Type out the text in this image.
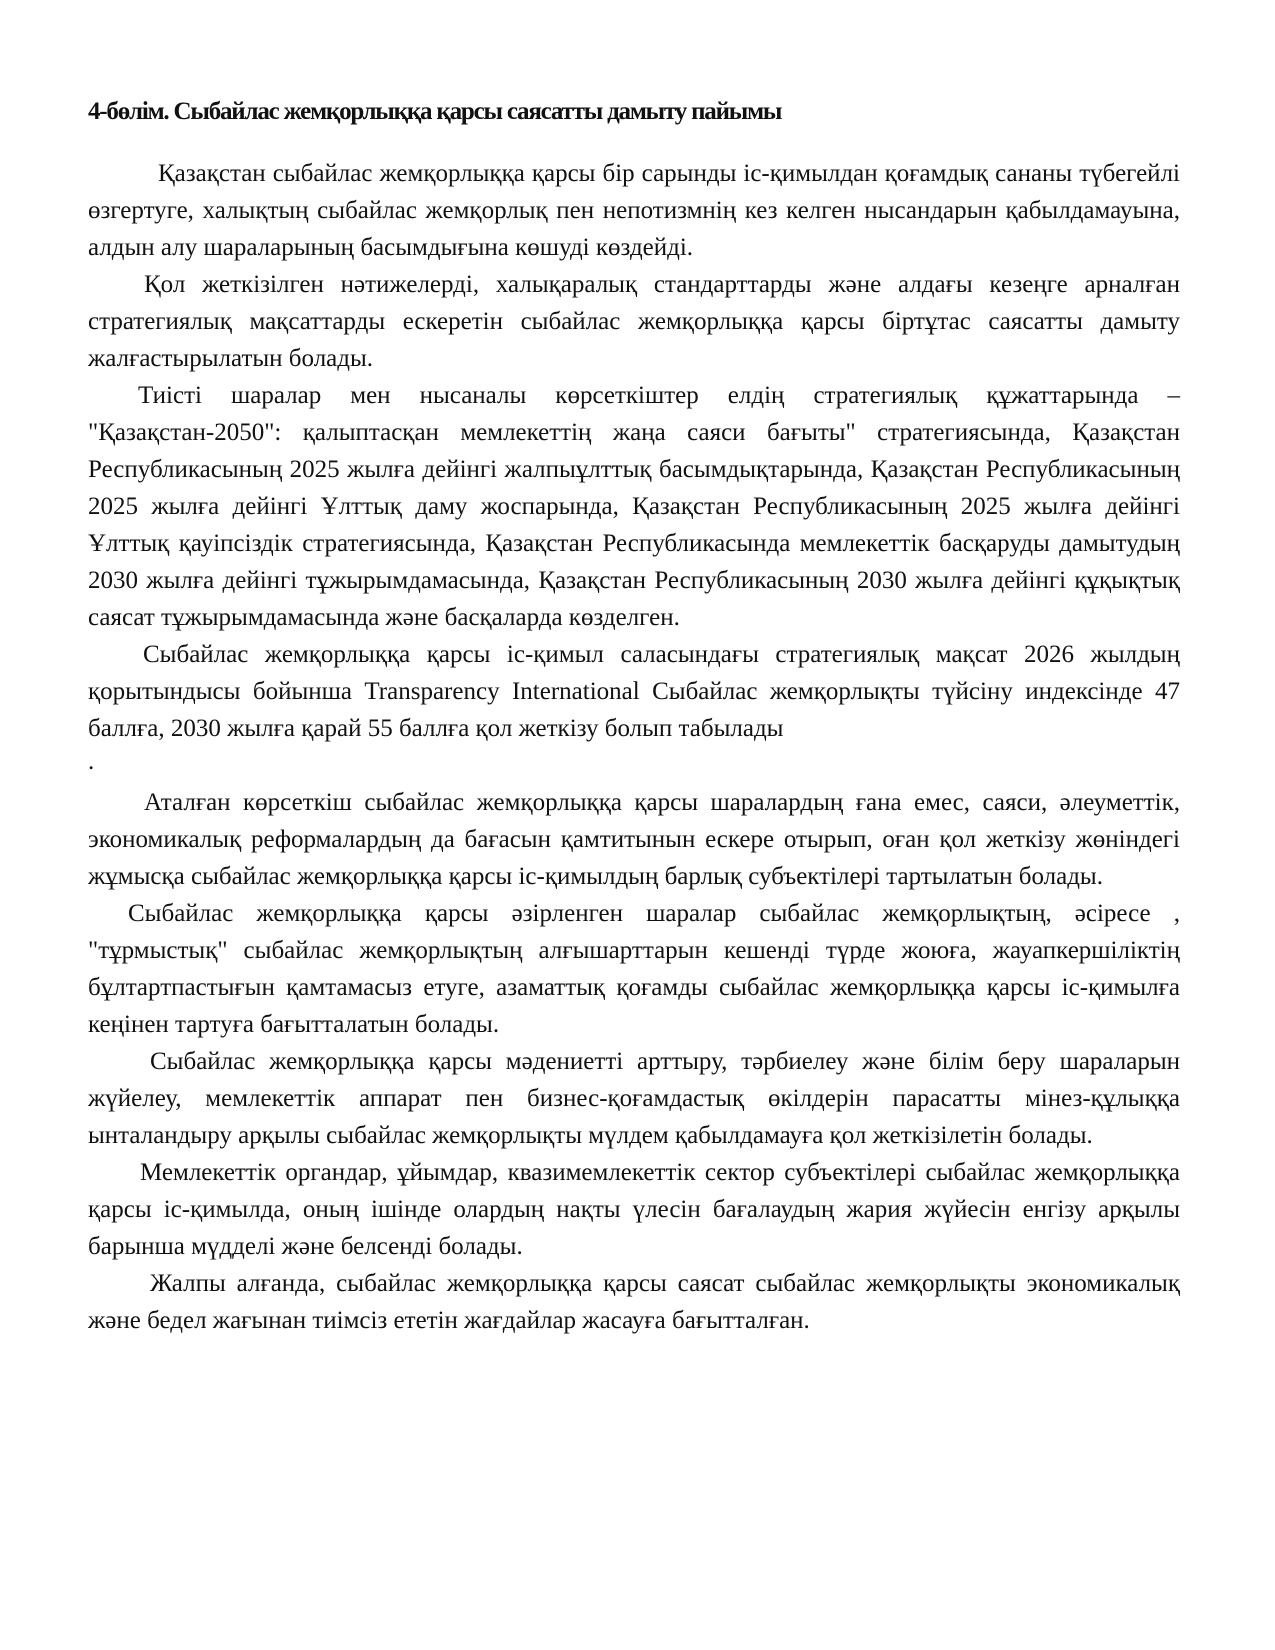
4-бөлім. Сыбайлас жемқорлыққа қарсы саясатты дамыту пайымы

Қазақстан сыбайлас жемқорлыққа қарсы бір сарынды іс-қимылдан қоғамдық сананы түбегейлі өзгертуге, халықтың сыбайлас жемқорлық пен непотизмнің кез келген нысандарын қабылдамауына, алдын алу шараларының басымдығына көшуді көздейді.

Қол жеткізілген нәтижелерді, халықаралық стандарттарды және алдағы кезеңге арналған стратегиялық мақсаттарды ескеретін сыбайлас жемқорлыққа қарсы біртұтас саясатты дамыту жалғастырылатын болады.

Тиісті шаралар мен нысаналы көрсеткіштер елдің стратегиялық құжаттарында – "Қазақстан-2050": қалыптасқан мемлекеттің жаңа саяси бағыты" стратегиясында, Қазақстан Республикасының 2025 жылға дейінгі жалпыұлттық басымдықтарында, Қазақстан Республикасының 2025 жылға дейінгі Ұлттық даму жоспарында, Қазақстан Республикасының 2025 жылға дейінгі Ұлттық қауіпсіздік стратегиясында, Қазақстан Республикасында мемлекеттік басқаруды дамытудың 2030 жылға дейінгі тұжырымдамасында, Қазақстан Республикасының 2030 жылға дейінгі құқықтық саясат тұжырымдамасында және басқаларда көзделген.

Сыбайлас жемқорлыққа қарсы іс-қимыл саласындағы стратегиялық мақсат 2026 жылдың қорытындысы бойынша Transparency International Сыбайлас жемқорлықты түйсіну индексінде 47 баллға, 2030 жылға қарай 55 баллға қол жеткізу болып табылады

.

Аталған көрсеткіш сыбайлас жемқорлыққа қарсы шаралардың ғана емес, саяси, әлеуметтік, экономикалық реформалардың да бағасын қамтитынын ескере отырып, оған қол жеткізу жөніндегі жұмысқа сыбайлас жемқорлыққа қарсы іс-қимылдың барлық субъектілері тартылатын болады.

Сыбайлас жемқорлыққа қарсы әзірленген шаралар сыбайлас жемқорлықтың, әсіресе , "тұрмыстық" сыбайлас жемқорлықтың алғышарттарын кешенді түрде жоюға, жауапкершіліктің бұлтартпастығын қамтамасыз етуге, азаматтық қоғамды сыбайлас жемқорлыққа қарсы іс-қимылға кеңінен тартуға бағытталатын болады.

Сыбайлас жемқорлыққа қарсы мәдениетті арттыру, тәрбиелеу және білім беру шараларын жүйелеу, мемлекеттік аппарат пен бизнес-қоғамдастық өкілдерін парасатты мінез-құлыққа ынталандыру арқылы сыбайлас жемқорлықты мүлдем қабылдамауға қол жеткізілетін болады.

Мемлекеттік органдар, ұйымдар, квазимемлекеттік сектор субъектілері сыбайлас жемқорлыққа қарсы іс-қимылда, оның ішінде олардың нақты үлесін бағалаудың жария жүйесін енгізу арқылы барынша мүдделі және белсенді болады.

Жалпы алғанда, сыбайлас жемқорлыққа қарсы саясат сыбайлас жемқорлықты экономикалық және бедел жағынан тиімсіз ететін жағдайлар жасауға бағытталған.
